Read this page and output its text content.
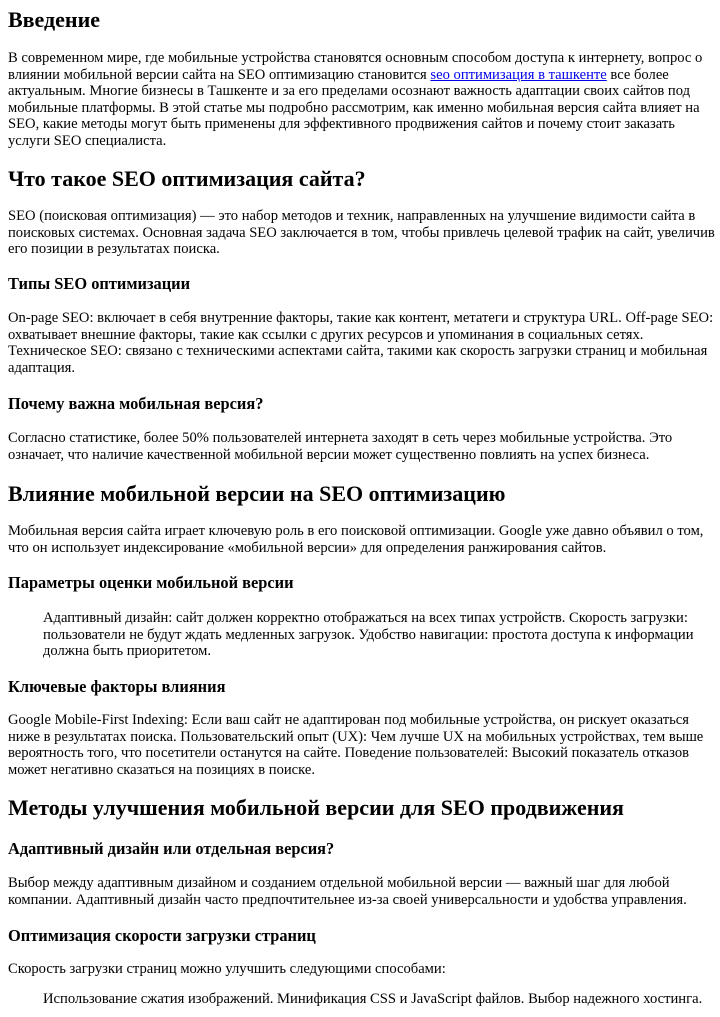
Введение

В современном мире, где мобильные устройства становятся основным способом доступа к интернету, вопрос о

влиянии мобильной версии сайта на SEO оптимизацию становится seo оптимизация в ташкенте все более

актуальным. Многие бизнесы в Ташкенте и за его пределами осознают важность адаптации своих сайтов под

мобильные платформы. В этой статье мы подробно рассмотрим, как именно мобильная версия сайта влияет на

SEO, какие методы могут быть применены для эффективного продвижения сайтов и почему стоит заказать

услуги SEO специалиста.

Что такое SEO оптимизация сайта?

SEO (поисковая оптимизация) — это набор методов и техник, направленных на улучшение видимости сайта в

поисковых системах. Основная задача SEO заключается в том, чтобы привлечь целевой трафик на сайт, увеличив

его позиции в результатах поиска.

Типы SEO оптимизации

On-page SEO: включает в себя внутренние факторы, такие как контент, метатеги и структура URL. Off-page SEO:

охватывает внешние факторы, такие как ссылки с других ресурсов и упоминания в социальных сетях.

Техническое SEO: связано с техническими аспектами сайта, такими как скорость загрузки страниц и мобильная

адаптация.

Почему важна мобильная версия?

Согласно статистике, более 50% пользователей интернета заходят в сеть через мобильные устройства. Это

означает, что наличие качественной мобильной версии может существенно повлиять на успех бизнеса.

Влияние мобильной версии на SEO оптимизацию

Мобильная версия сайта играет ключевую роль в его поисковой оптимизации. Google уже давно объявил о том,

что он использует индексирование «мобильной версии» для определения ранжирования сайтов.

Параметры оценки мобильной версии

Адаптивный дизайн: сайт должен корректно отображаться на всех типах устройств. Скорость загрузки:

пользователи не будут ждать медленных загрузок. Удобство навигации: простота доступа к информации

должна быть приоритетом.

Ключевые факторы влияния

Google Mobile-First Indexing: Если ваш сайт не адаптирован под мобильные устройства, он рискует оказаться

ниже в результатах поиска. Пользовательский опыт (UX): Чем лучше UX на мобильных устройствах, тем выше

вероятность того, что посетители останутся на сайте. Поведение пользователей: Высокий показатель отказов

может негативно сказаться на позициях в поиске.

Методы улучшения мобильной версии для SEO продвижения
Адаптивный дизайн или отдельная версия?

Выбор между адаптивным дизайном и созданием отдельной мобильной версии — важный шаг для любой

компании. Адаптивный дизайн часто предпочтительнее из-за своей универсальности и удобства управления.

Оптимизация скорости загрузки страниц

Скорость загрузки страниц можно улучшить следующими способами:

Использование сжатия изображений. Минификация CSS и JavaScript файлов. Выбор надежного хостинга.
